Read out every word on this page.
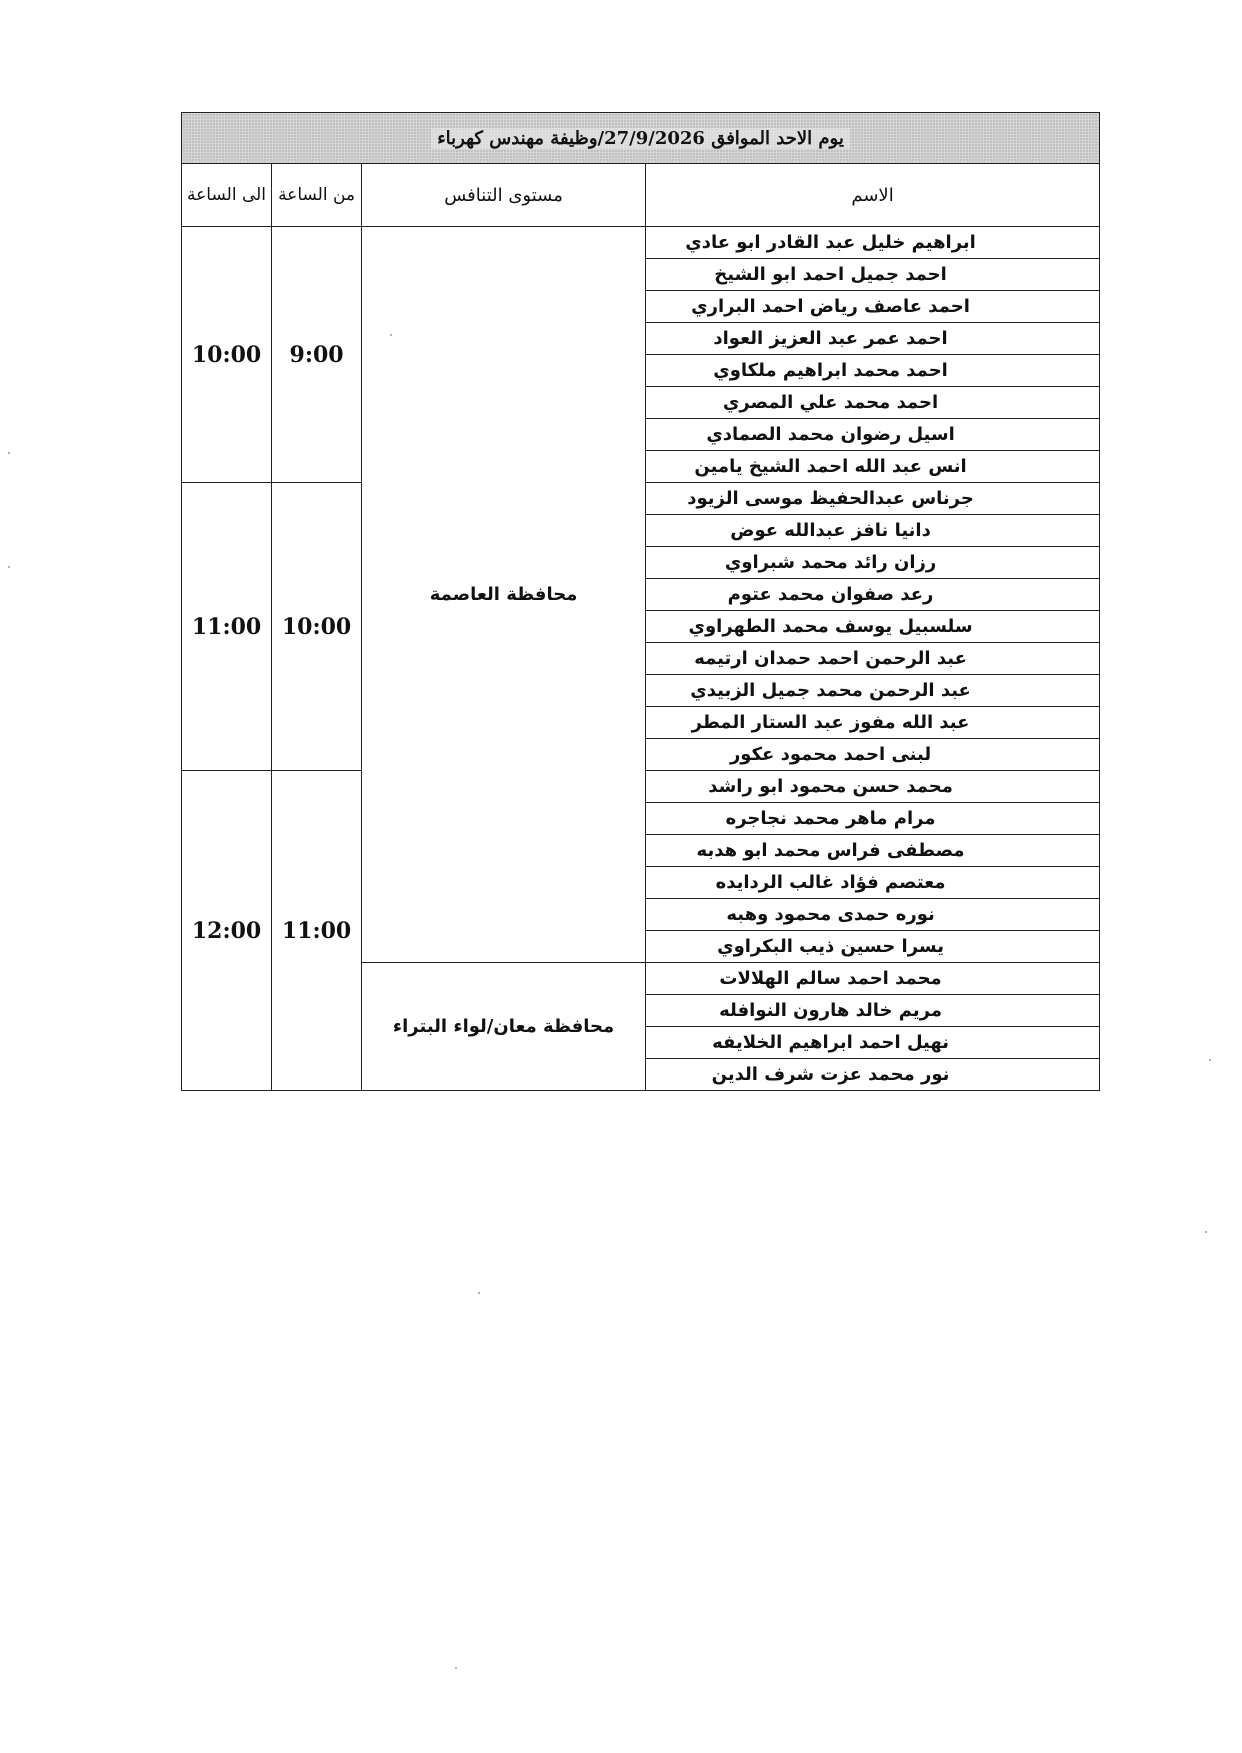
يوم الاحد الموافق 27/9/2026/وظيفة مهندس كهرباء			
الاسم	مستوى التنافس	من الساعة	الى الساعة
ابراهيم خليل عبد القادر ابو عادي	محافظة العاصمة	9:00	10:00
احمد جميل احمد ابو الشيخ			
احمد عاصف رياض احمد البراري			
احمد عمر عبد العزيز العواد			
احمد محمد ابراهيم ملكاوي			
احمد محمد علي المصري			
اسيل رضوان محمد الصمادي			
انس عبد الله احمد الشيخ يامين			
جرناس عبدالحفيظ موسى الزيود		10:00	11:00
دانيا نافز عبدالله عوض			
رزان رائد محمد شبراوي			
رعد صفوان محمد عتوم			
سلسبيل يوسف محمد الطهراوي			
عبد الرحمن احمد حمدان ارتيمه			
عبد الرحمن محمد جميل الزبيدي			
عبد الله مفوز عبد الستار المطر			
لبنى احمد محمود عكور			
محمد حسن محمود ابو راشد		11:00	12:00
مرام ماهر محمد نجاجره			
مصطفى فراس محمد ابو هدبه			
معتصم فؤاد غالب الردايده			
نوره حمدى محمود وهبه			
يسرا حسين ذيب البكراوي			
محمد احمد سالم الهلالات	محافظة معان/لواء البتراء		
مريم خالد هارون النوافله			
نهيل احمد ابراهيم الخلايفه			
نور محمد عزت شرف الدين			
